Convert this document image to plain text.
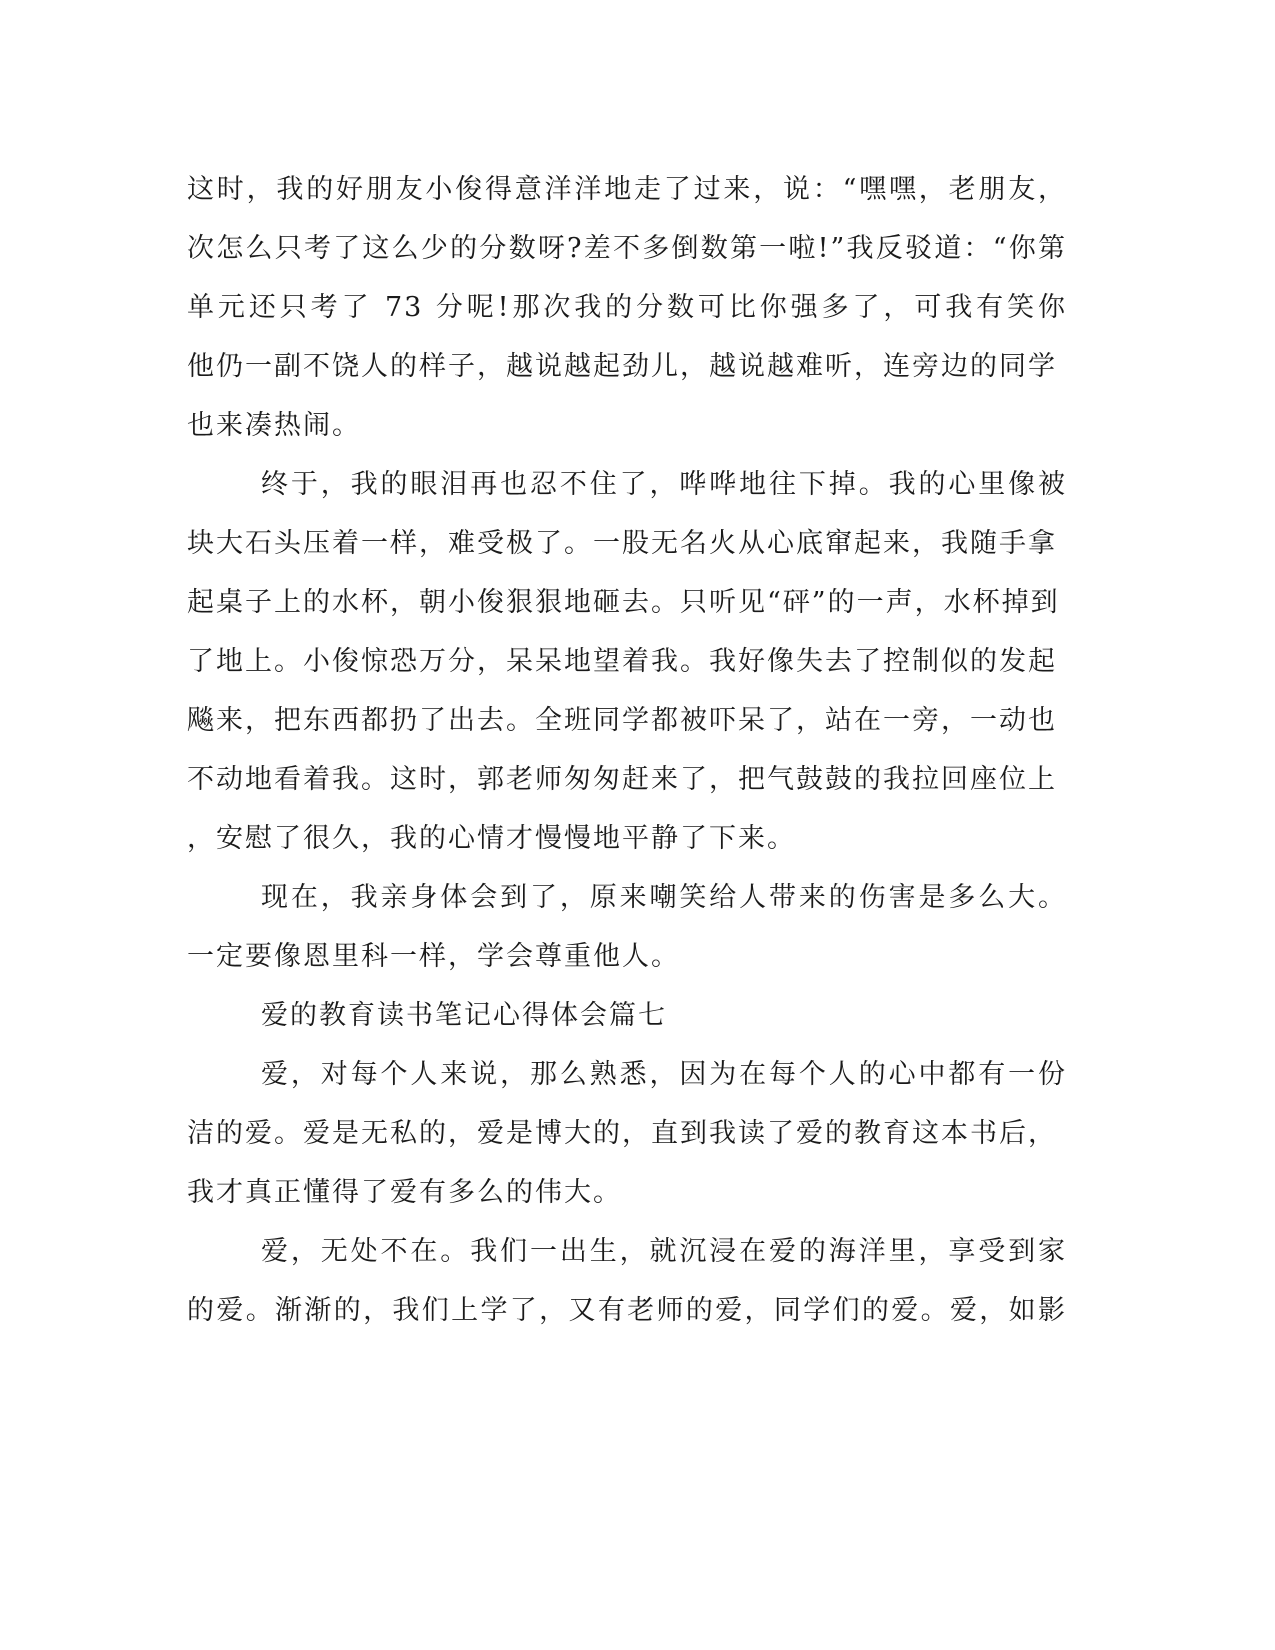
这时，我的好朋友小俊得意洋洋地走了过来，说：“嘿嘿，老朋友，
次怎么只考了这么少的分数呀?差不多倒数第一啦!”我反驳道：“你第
单元还只考了 73 分呢!那次我的分数可比你强多了，可我有笑你
他仍一副不饶人的样子，越说越起劲儿，越说越难听，连旁边的同学
也来凑热闹。
终于，我的眼泪再也忍不住了，哗哗地往下掉。我的心里像被
块大石头压着一样，难受极了。一股无名火从心底窜起来，我随手拿
起桌子上的水杯，朝小俊狠狠地砸去。只听见“砰”的一声，水杯掉到
了地上。小俊惊恐万分，呆呆地望着我。我好像失去了控制似的发起
飚来，把东西都扔了出去。全班同学都被吓呆了，站在一旁，一动也
不动地看着我。这时，郭老师匆匆赶来了，把气鼓鼓的我拉回座位上
，安慰了很久，我的心情才慢慢地平静了下来。
现在，我亲身体会到了，原来嘲笑给人带来的伤害是多么大。
一定要像恩里科一样，学会尊重他人。
爱的教育读书笔记心得体会篇七
爱，对每个人来说，那么熟悉，因为在每个人的心中都有一份
洁的爱。爱是无私的，爱是博大的，直到我读了爱的教育这本书后，
我才真正懂得了爱有多么的伟大。
爱，无处不在。我们一出生，就沉浸在爱的海洋里，享受到家
的爱。渐渐的，我们上学了，又有老师的爱，同学们的爱。爱，如影
